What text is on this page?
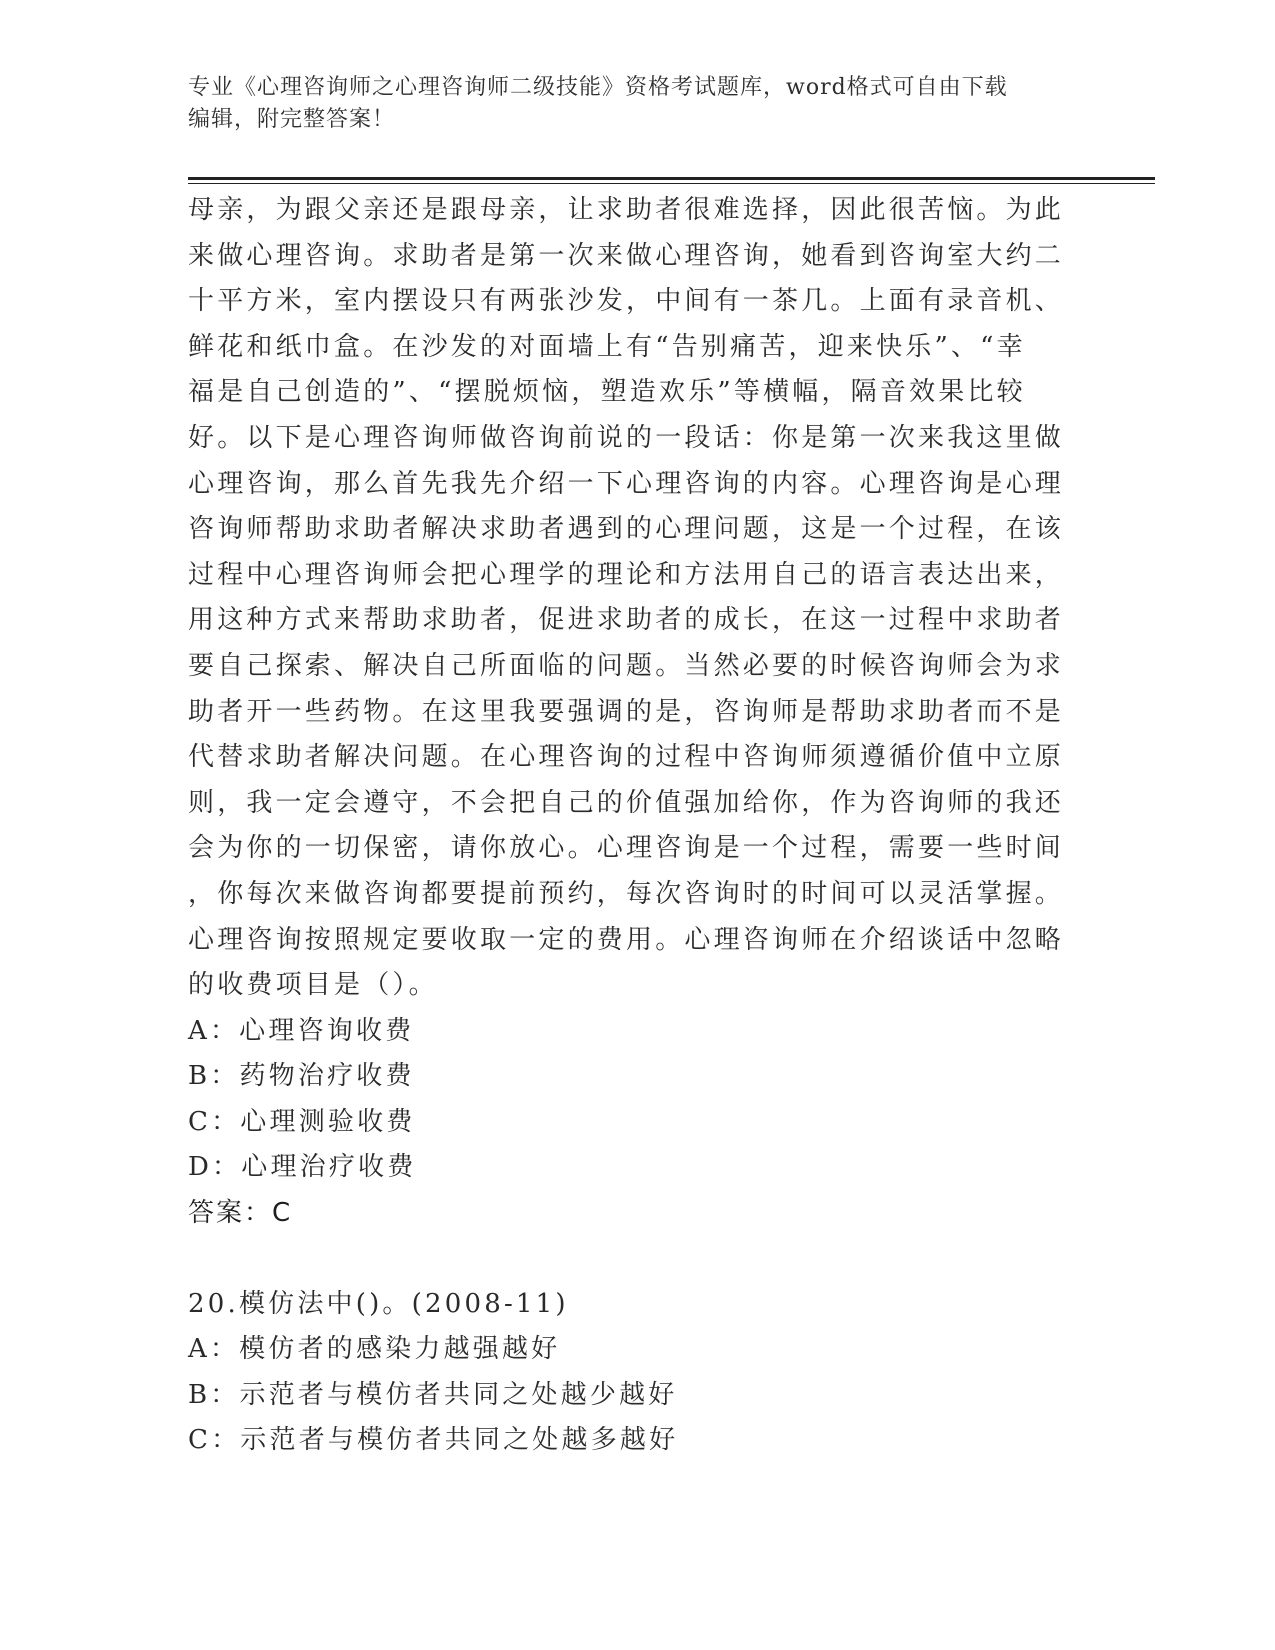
专业《心理咨询师之心理咨询师二级技能》资格考试题库，word格式可自由下载
编辑，附完整答案！
母亲，为跟父亲还是跟母亲，让求助者很难选择，因此很苦恼。为此
来做心理咨询。求助者是第一次来做心理咨询，她看到咨询室大约二
十平方米，室内摆设只有两张沙发，中间有一茶几。上面有录音机、
鲜花和纸巾盒。在沙发的对面墙上有“告别痛苦，迎来快乐”、“幸
福是自己创造的”、“摆脱烦恼，塑造欢乐”等横幅，隔音效果比较
好。以下是心理咨询师做咨询前说的一段话：你是第一次来我这里做
心理咨询，那么首先我先介绍一下心理咨询的内容。心理咨询是心理
咨询师帮助求助者解决求助者遇到的心理问题，这是一个过程，在该
过程中心理咨询师会把心理学的理论和方法用自己的语言表达出来，
用这种方式来帮助求助者，促进求助者的成长，在这一过程中求助者
要自己探索、解决自己所面临的问题。当然必要的时候咨询师会为求
助者开一些药物。在这里我要强调的是，咨询师是帮助求助者而不是
代替求助者解决问题。在心理咨询的过程中咨询师须遵循价值中立原
则，我一定会遵守，不会把自己的价值强加给你，作为咨询师的我还
会为你的一切保密，请你放心。心理咨询是一个过程，需要一些时间
，你每次来做咨询都要提前预约，每次咨询时的时间可以灵活掌握。
心理咨询按照规定要收取一定的费用。心理咨询师在介绍谈话中忽略
的收费项目是（）。
A：心理咨询收费
B：药物治疗收费
C：心理测验收费
D：心理治疗收费
答案：C
20.模仿法中()。(2008-11)
A：模仿者的感染力越强越好
B：示范者与模仿者共同之处越少越好
C：示范者与模仿者共同之处越多越好
